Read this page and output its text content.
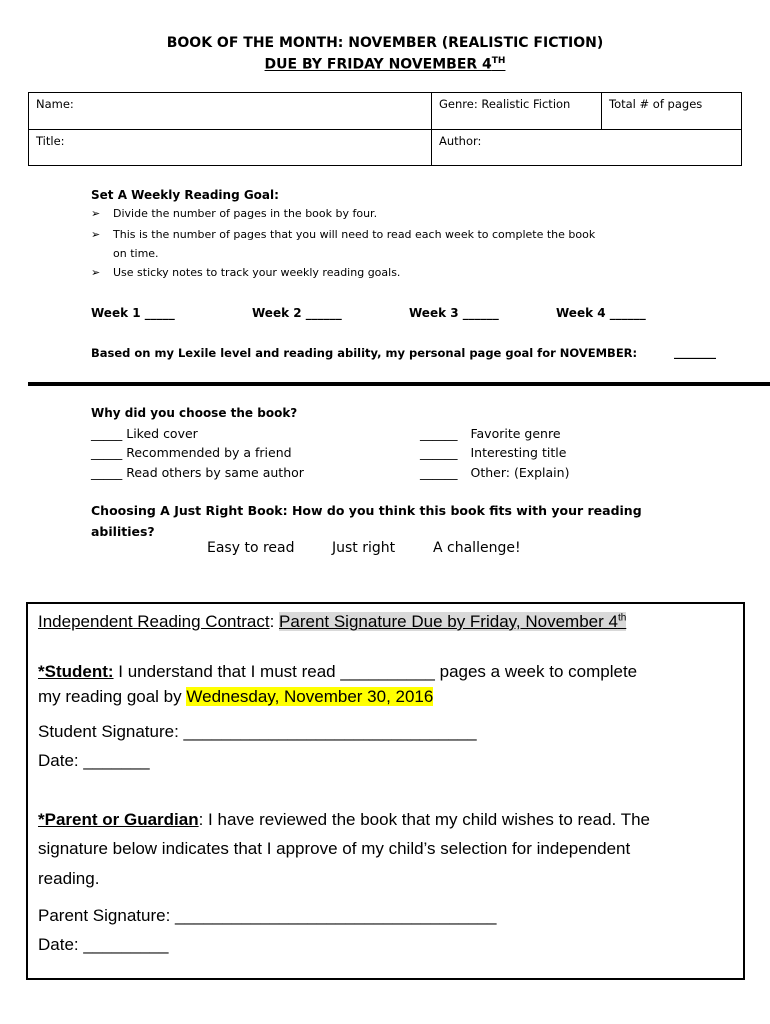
BOOK OF THE MONTH: NOVEMBER (REALISTIC FICTION)
DUE BY FRIDAY NOVEMBER 4TH
Name:	Genre: Realistic Fiction	Total # of pages
Title:	Author:	
Set A Weekly Reading Goal:
➢ Divide the number of pages in the book by four.
➢ This is the number of pages that you will need to read each week to complete the book
on time.
➢ Use sticky notes to track your weekly reading goals.
Week 1 _____	Week 2 ______	Week 3 ______	Week 4 ______
Based on my Lexile level and reading ability, my personal page goal for NOVEMBER:	_______
Why did you choose the book?
_____ Liked cover
_____ Recommended by a friend
_____ Read others by same author
______ Favorite genre
______ Interesting title
______ Other: (Explain)
Choosing A Just Right Book: How do you think this book fits with your reading
abilities?
Easy to read	Just right	A challenge!
Independent Reading Contract: Parent Signature Due by Friday, November 4th
*Student: I understand that I must read __________ pages a week to complete
my reading goal by Wednesday, November 30, 2016
Student Signature: _______________________________
Date: _______
*Parent or Guardian: I have reviewed the book that my child wishes to read. The
signature below indicates that I approve of my child’s selection for independent
reading.
Parent Signature: __________________________________
Date: _________
